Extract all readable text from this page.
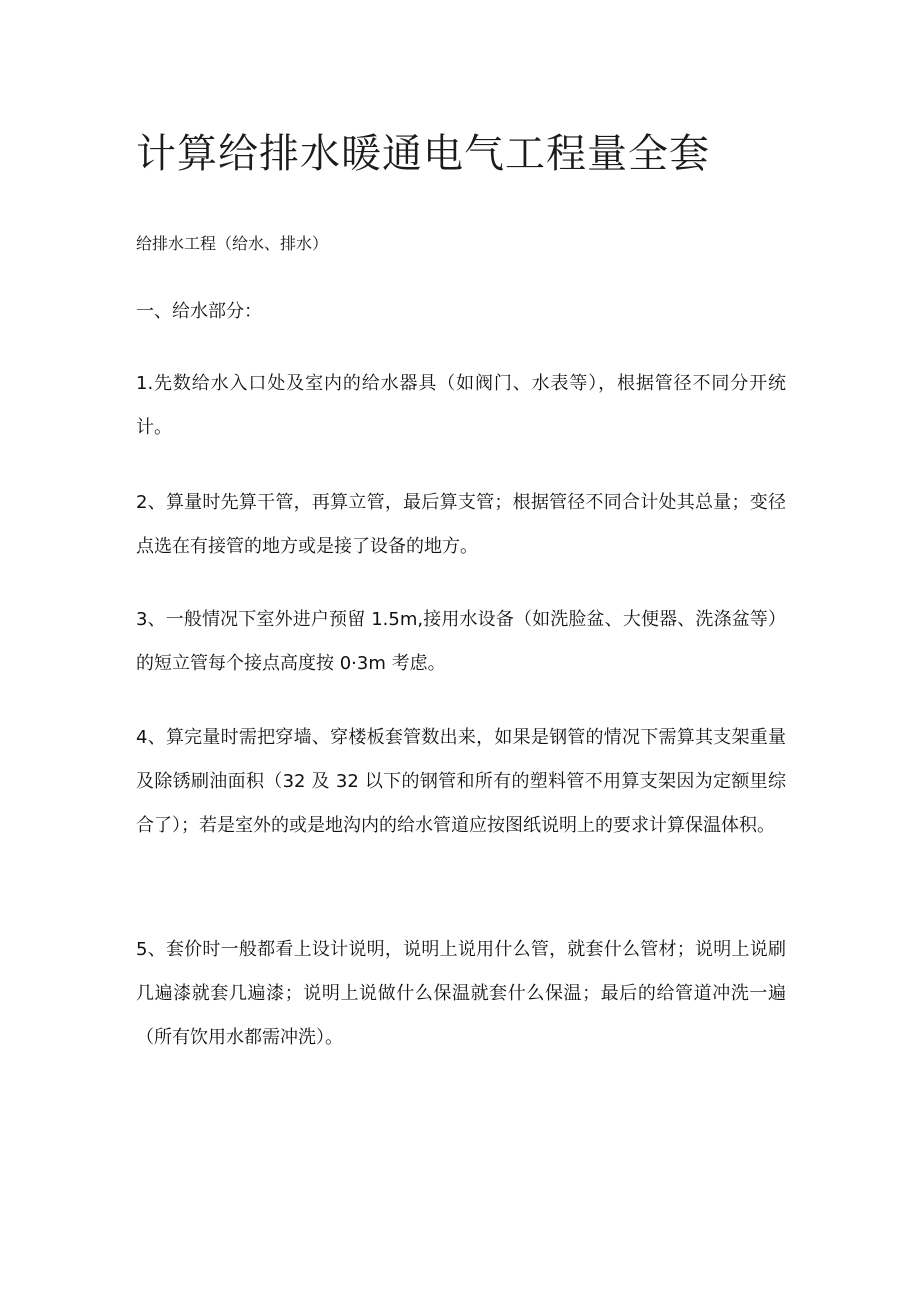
计算给排水暖通电气工程量全套
给排水工程（给水、排水）
一、给水部分：

1.先数给水入口处及室内的给水器具（如阀门、水表等），根据管径不同分开统计。

2、算量时先算干管，再算立管，最后算支管；根据管径不同合计处其总量；变径点选在有接管的地方或是接了设备的地方。

3、一般情况下室外进户预留 1.5m,接用水设备（如洗脸盆、大便器、洗涤盆等）的短立管每个接点高度按 0·3m 考虑。

4、算完量时需把穿墙、穿楼板套管数出来，如果是钢管的情况下需算其支架重量及除锈刷油面积（32 及 32 以下的钢管和所有的塑料管不用算支架因为定额里综合了）；若是室外的或是地沟内的给水管道应按图纸说明上的要求计算保温体积。

5、套价时一般都看上设计说明，说明上说用什么管，就套什么管材；说明上说刷几遍漆就套几遍漆；说明上说做什么保温就套什么保温；最后的给管道冲洗一遍（所有饮用水都需冲洗）。
